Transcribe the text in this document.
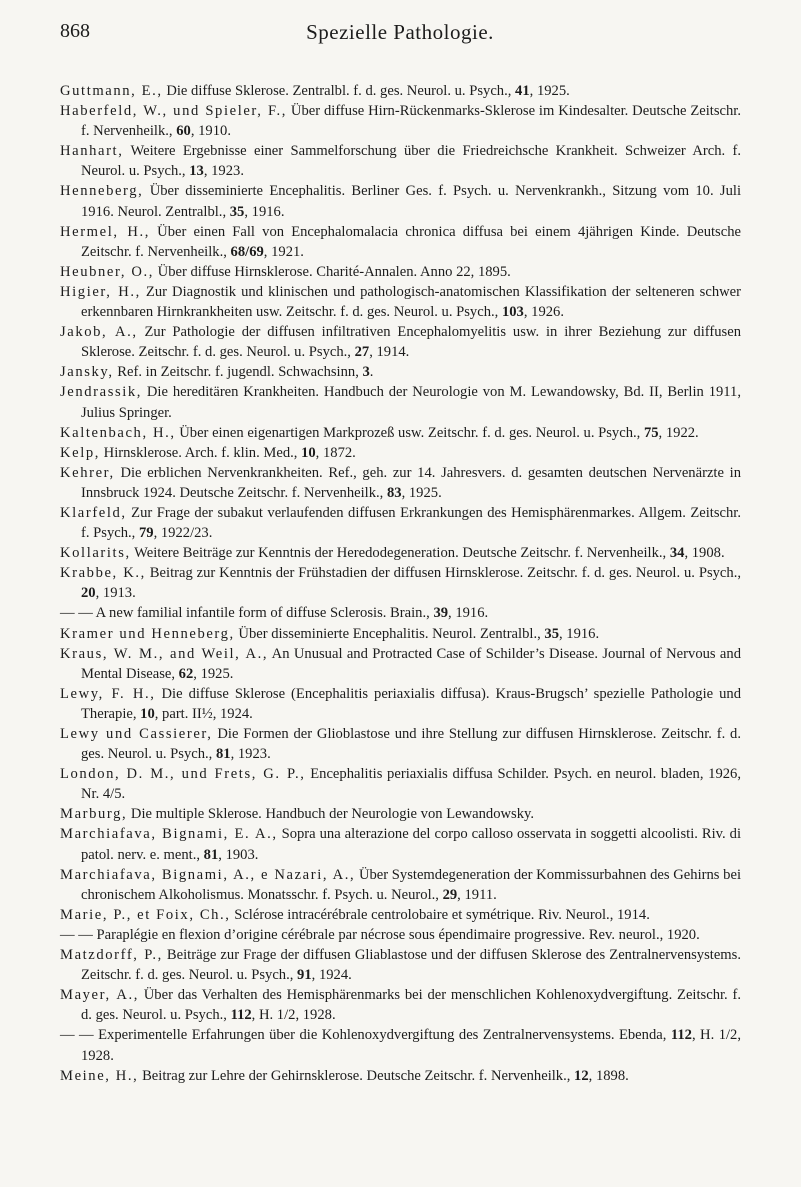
868	Spezielle Pathologie.

Guttmann, E., Die diffuse Sklerose. Zentralbl. f. d. ges. Neurol. u. Psych., 41, 1925.

Haberfeld, W., und Spieler, F., Über diffuse Hirn-Rückenmarks-Sklerose im Kindesalter. Deutsche Zeitschr. f. Nervenheilk., 60, 1910.

Hanhart, Weitere Ergebnisse einer Sammelforschung über die Friedreichsche Krankheit. Schweizer Arch. f. Neurol. u. Psych., 13, 1923.

Henneberg, Über disseminierte Encephalitis. Berliner Ges. f. Psych. u. Nervenkrankh., Sitzung vom 10. Juli 1916. Neurol. Zentralbl., 35, 1916.

Hermel, H., Über einen Fall von Encephalomalacia chronica diffusa bei einem 4jährigen Kinde. Deutsche Zeitschr. f. Nervenheilk., 68/69, 1921.

Heubner, O., Über diffuse Hirnsklerose. Charité-Annalen. Anno 22, 1895.

Higier, H., Zur Diagnostik und klinischen und pathologisch-anatomischen Klassifikation der selteneren schwer erkennbaren Hirnkrankheiten usw. Zeitschr. f. d. ges. Neurol. u. Psych., 103, 1926.

Jakob, A., Zur Pathologie der diffusen infiltrativen Encephalomyelitis usw. in ihrer Beziehung zur diffusen Sklerose. Zeitschr. f. d. ges. Neurol. u. Psych., 27, 1914.

Jansky, Ref. in Zeitschr. f. jugendl. Schwachsinn, 3.

Jendrassik, Die hereditären Krankheiten. Handbuch der Neurologie von M. Lewandowsky, Bd. II, Berlin 1911, Julius Springer.

Kaltenbach, H., Über einen eigenartigen Markprozeß usw. Zeitschr. f. d. ges. Neurol. u. Psych., 75, 1922.

Kelp, Hirnsklerose. Arch. f. klin. Med., 10, 1872.

Kehrer, Die erblichen Nervenkrankheiten. Ref., geh. zur 14. Jahresvers. d. gesamten deutschen Nervenärzte in Innsbruck 1924. Deutsche Zeitschr. f. Nervenheilk., 83, 1925.

Klarfeld, Zur Frage der subakut verlaufenden diffusen Erkrankungen des Hemisphärenmarkes. Allgem. Zeitschr. f. Psych., 79, 1922/23.

Kollarits, Weitere Beiträge zur Kenntnis der Heredodegeneration. Deutsche Zeitschr. f. Nervenheilk., 34, 1908.

Krabbe, K., Beitrag zur Kenntnis der Frühstadien der diffusen Hirnsklerose. Zeitschr. f. d. ges. Neurol. u. Psych., 20, 1913.

— — A new familial infantile form of diffuse Sclerosis. Brain., 39, 1916.

Kramer und Henneberg, Über disseminierte Encephalitis. Neurol. Zentralbl., 35, 1916.

Kraus, W. M., and Weil, A., An Unusual and Protracted Case of Schilder’s Disease. Journal of Nervous and Mental Disease, 62, 1925.

Lewy, F. H., Die diffuse Sklerose (Encephalitis periaxialis diffusa). Kraus-Brugsch’ spezielle Pathologie und Therapie, 10, part. II½, 1924.

Lewy und Cassierer, Die Formen der Glioblastose und ihre Stellung zur diffusen Hirnsklerose. Zeitschr. f. d. ges. Neurol. u. Psych., 81, 1923.

London, D. M., und Frets, G. P., Encephalitis periaxialis diffusa Schilder. Psych. en neurol. bladen, 1926, Nr. 4/5.

Marburg, Die multiple Sklerose. Handbuch der Neurologie von Lewandowsky.

Marchiafava, Bignami, E. A., Sopra una alterazione del corpo calloso osservata in soggetti alcoolisti. Riv. di patol. nerv. e. ment., 81, 1903.

Marchiafava, Bignami, A., e Nazari, A., Über Systemdegeneration der Kommissurbahnen des Gehirns bei chronischem Alkoholismus. Monatsschr. f. Psych. u. Neurol., 29, 1911.

Marie, P., et Foix, Ch., Sclérose intracérébrale centrolobaire et symétrique. Riv. Neurol., 1914.

— — Paraplégie en flexion d’origine cérébrale par nécrose sous épendimaire progressive. Rev. neurol., 1920.

Matzdorff, P., Beiträge zur Frage der diffusen Gliablastose und der diffusen Sklerose des Zentralnervensystems. Zeitschr. f. d. ges. Neurol. u. Psych., 91, 1924.

Mayer, A., Über das Verhalten des Hemisphärenmarks bei der menschlichen Kohlenoxydvergiftung. Zeitschr. f. d. ges. Neurol. u. Psych., 112, H. 1/2, 1928.

— — Experimentelle Erfahrungen über die Kohlenoxydvergiftung des Zentralnervensystems. Ebenda, 112, H. 1/2, 1928.

Meine, H., Beitrag zur Lehre der Gehirnsklerose. Deutsche Zeitschr. f. Nervenheilk., 12, 1898.
